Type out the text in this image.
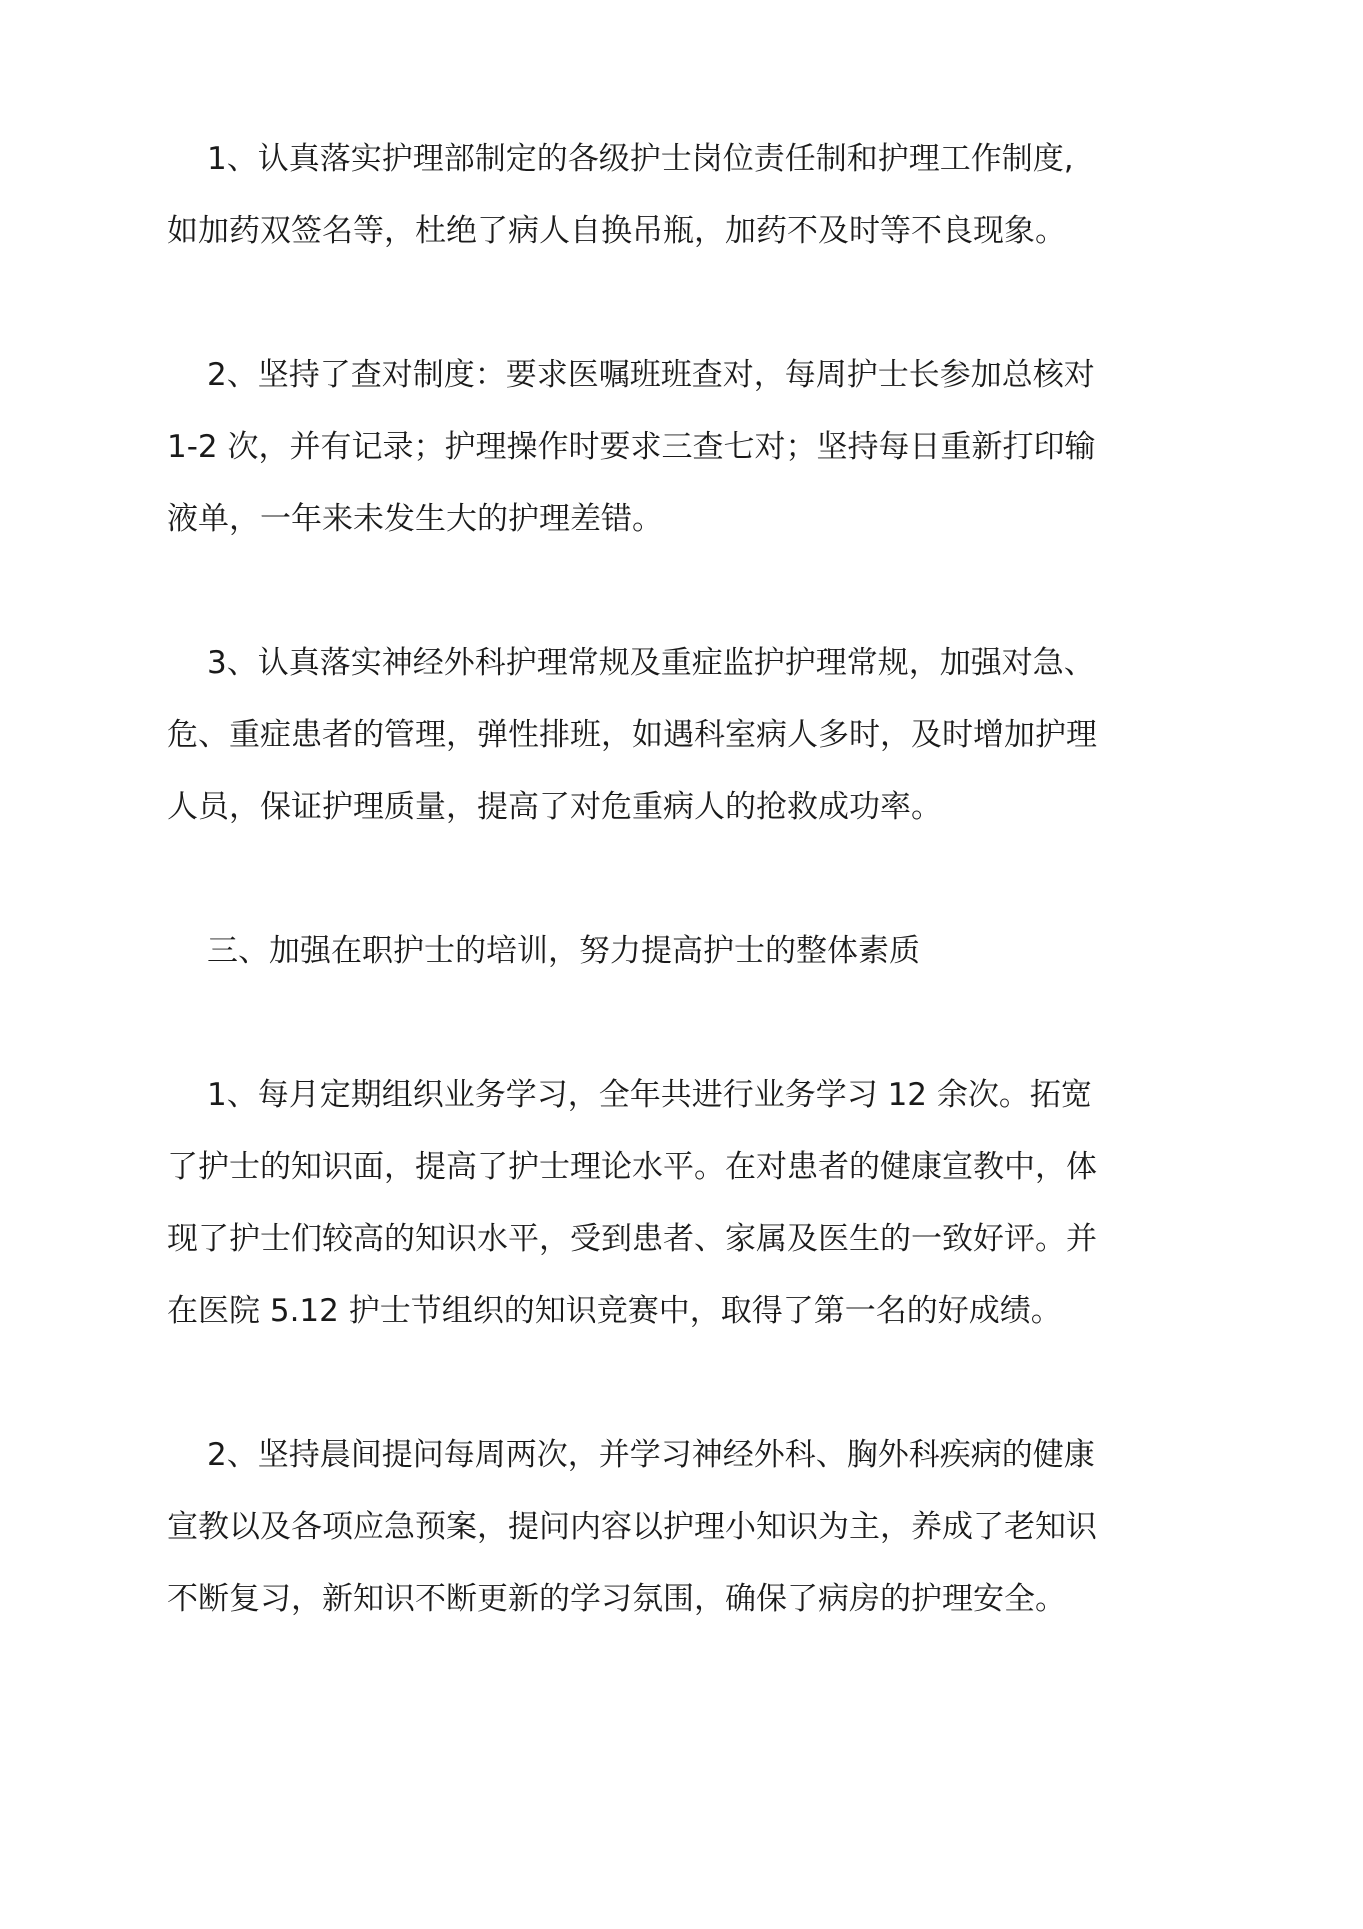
1、认真落实护理部制定的各级护士岗位责任制和护理工作制度,
如加药双签名等，杜绝了病人自换吊瓶，加药不及时等不良现象。

2、坚持了查对制度：要求医嘱班班查对，每周护士长参加总核对
1-2 次，并有记录；护理操作时要求三查七对；坚持每日重新打印输
液单，一年来未发生大的护理差错。

3、认真落实神经外科护理常规及重症监护护理常规，加强对急、
危、重症患者的管理，弹性排班，如遇科室病人多时，及时增加护理
人员，保证护理质量，提高了对危重病人的抢救成功率。

三、加强在职护士的培训，努力提高护士的整体素质

1、每月定期组织业务学习，全年共进行业务学习 12 余次。拓宽
了护士的知识面，提高了护士理论水平。在对患者的健康宣教中，体
现了护士们较高的知识水平，受到患者、家属及医生的一致好评。并
在医院 5.12 护士节组织的知识竞赛中，取得了第一名的好成绩。

2、坚持晨间提问每周两次，并学习神经外科、胸外科疾病的健康
宣教以及各项应急预案，提问内容以护理小知识为主，养成了老知识
不断复习，新知识不断更新的学习氛围，确保了病房的护理安全。
